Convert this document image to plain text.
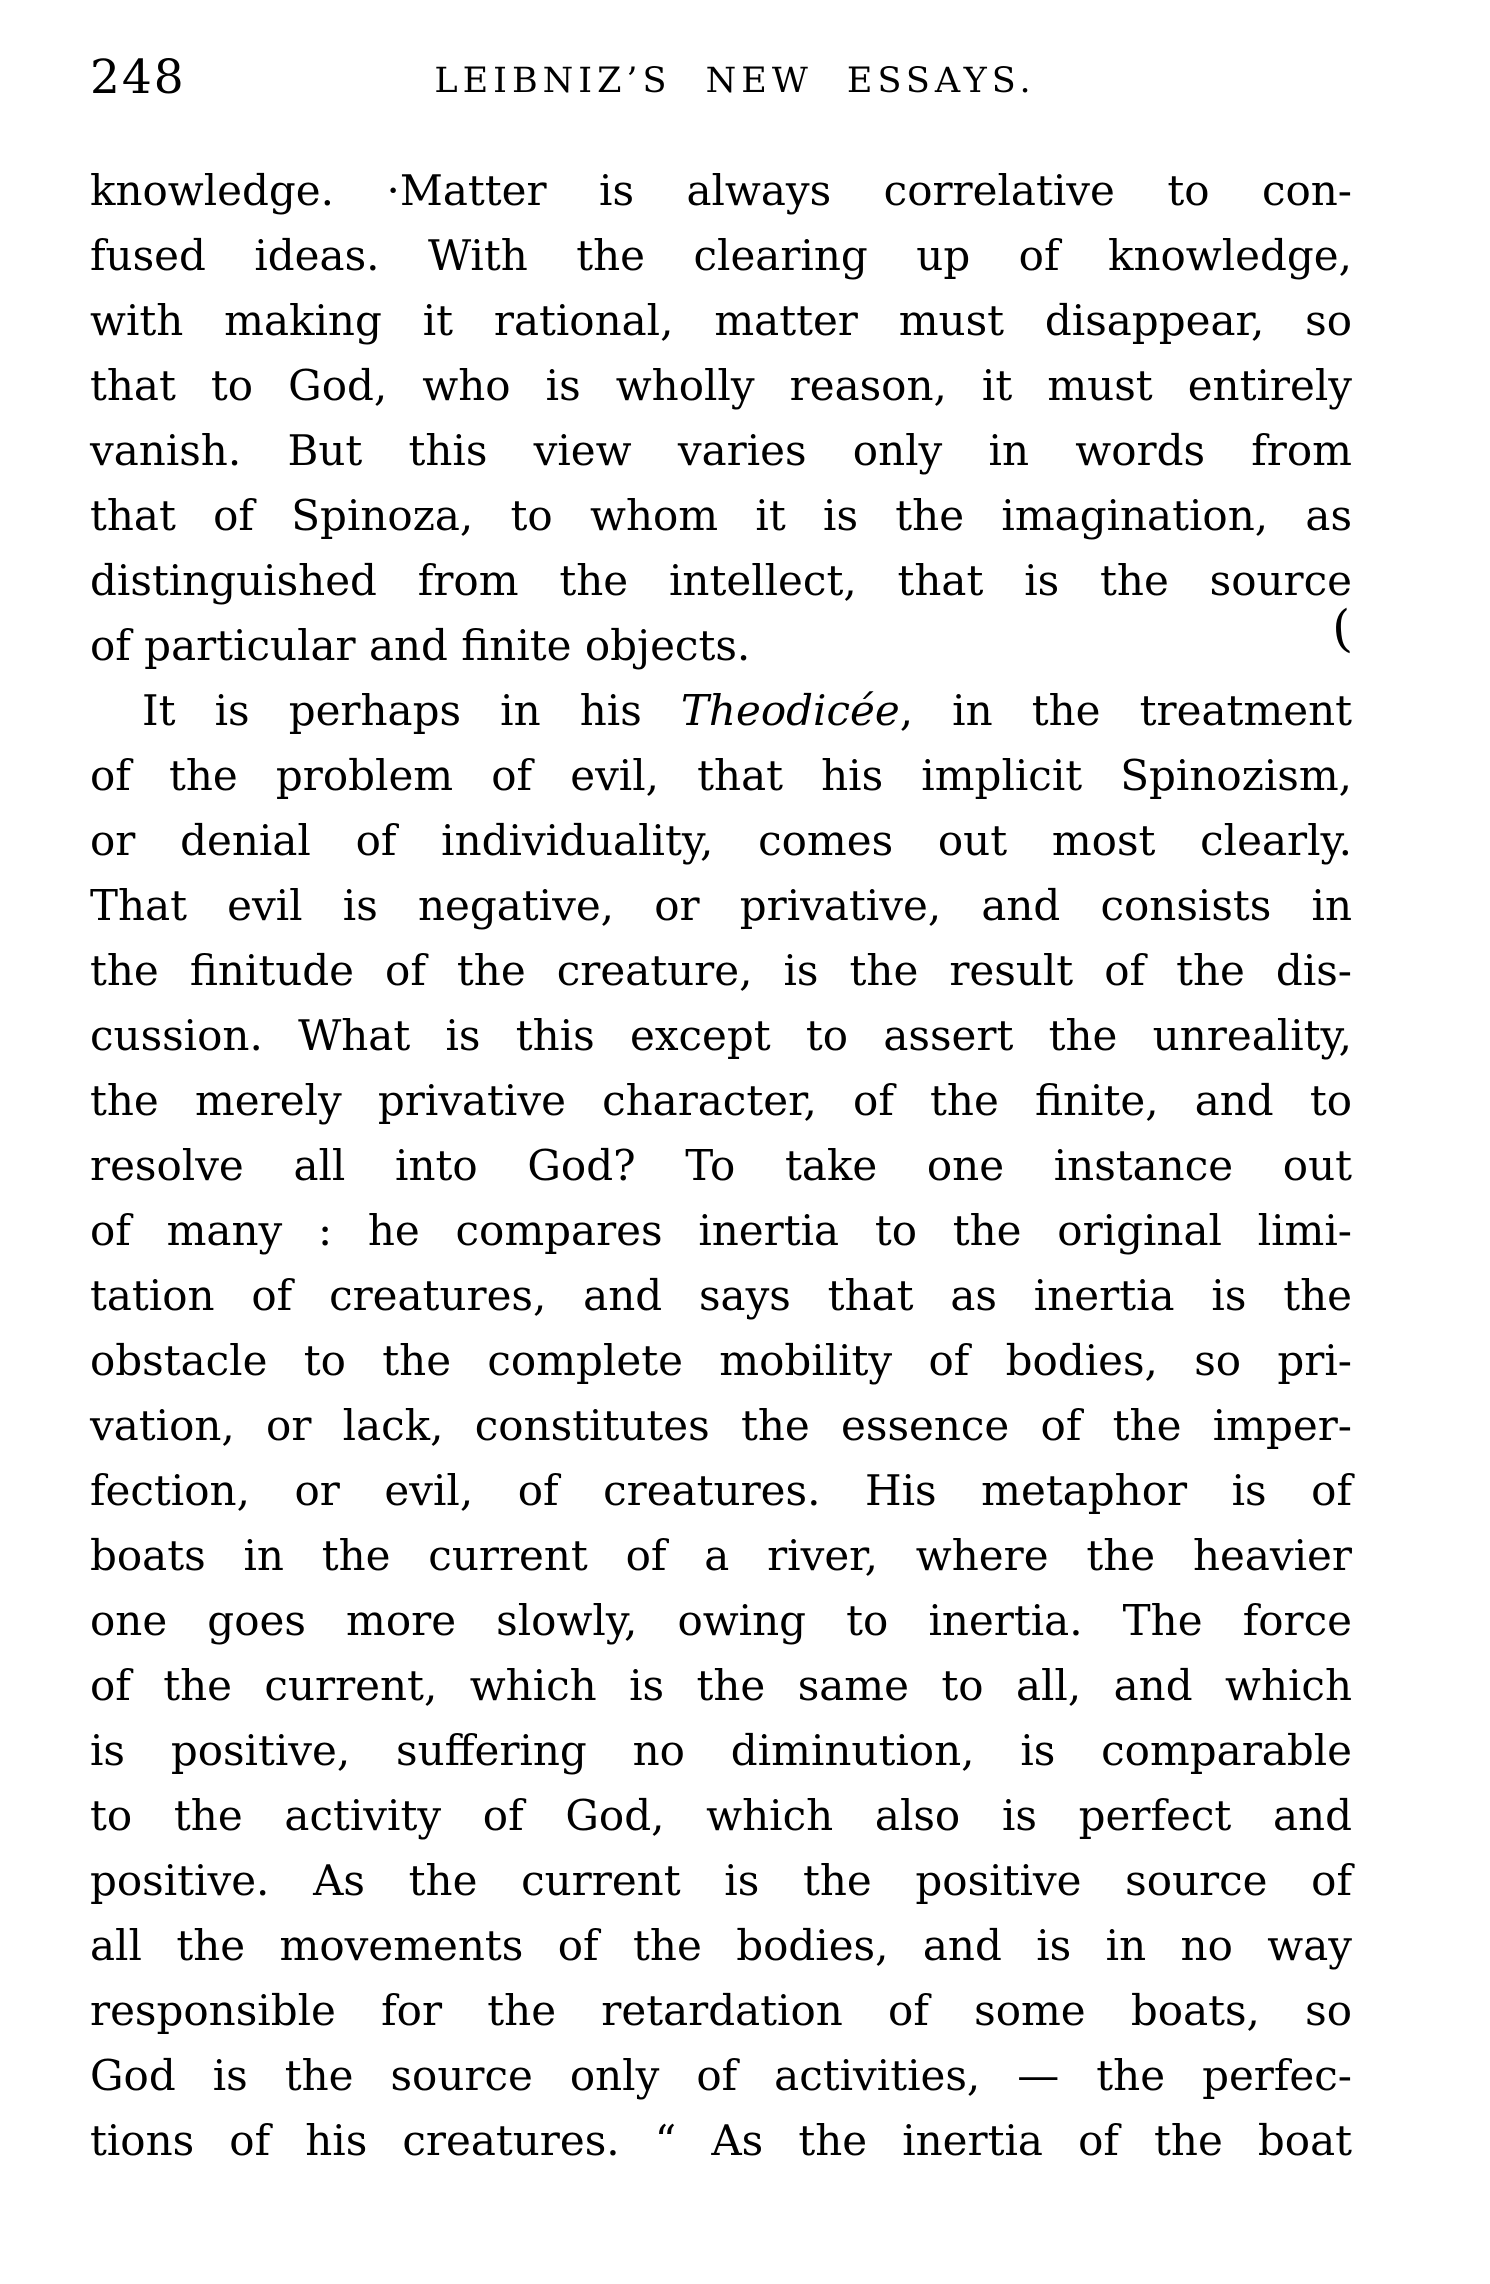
248	LEIBNIZ’S NEW ESSAYS.
knowledge. ·Matter is always correlative to con-
fused ideas. With the clearing up of knowledge,
with making it rational, matter must disappear, so
that to God, who is wholly reason, it must entirely
vanish. But this view varies only in words from
that of Spinoza, to whom it is the imagination, as
distinguished from the intellect, that is the source
of particular and finite objects.
It is perhaps in his Theodicée, in the treatment
of the problem of evil, that his implicit Spinozism,
or denial of individuality, comes out most clearly.
That evil is negative, or privative, and consists in
the finitude of the creature, is the result of the dis-
cussion. What is this except to assert the unreality,
the merely privative character, of the finite, and to
resolve all into God? To take one instance out
of many : he compares inertia to the original limi-
tation of creatures, and says that as inertia is the
obstacle to the complete mobility of bodies, so pri-
vation, or lack, constitutes the essence of the imper-
fection, or evil, of creatures. His metaphor is of
boats in the current of a river, where the heavier
one goes more slowly, owing to inertia. The force
of the current, which is the same to all, and which
is positive, suffering no diminution, is comparable
to the activity of God, which also is perfect and
positive. As the current is the positive source of
all the movements of the bodies, and is in no way
responsible for the retardation of some boats, so
God is the source only of activities, — the perfec-
tions of his creatures. “ As the inertia of the boat
(
